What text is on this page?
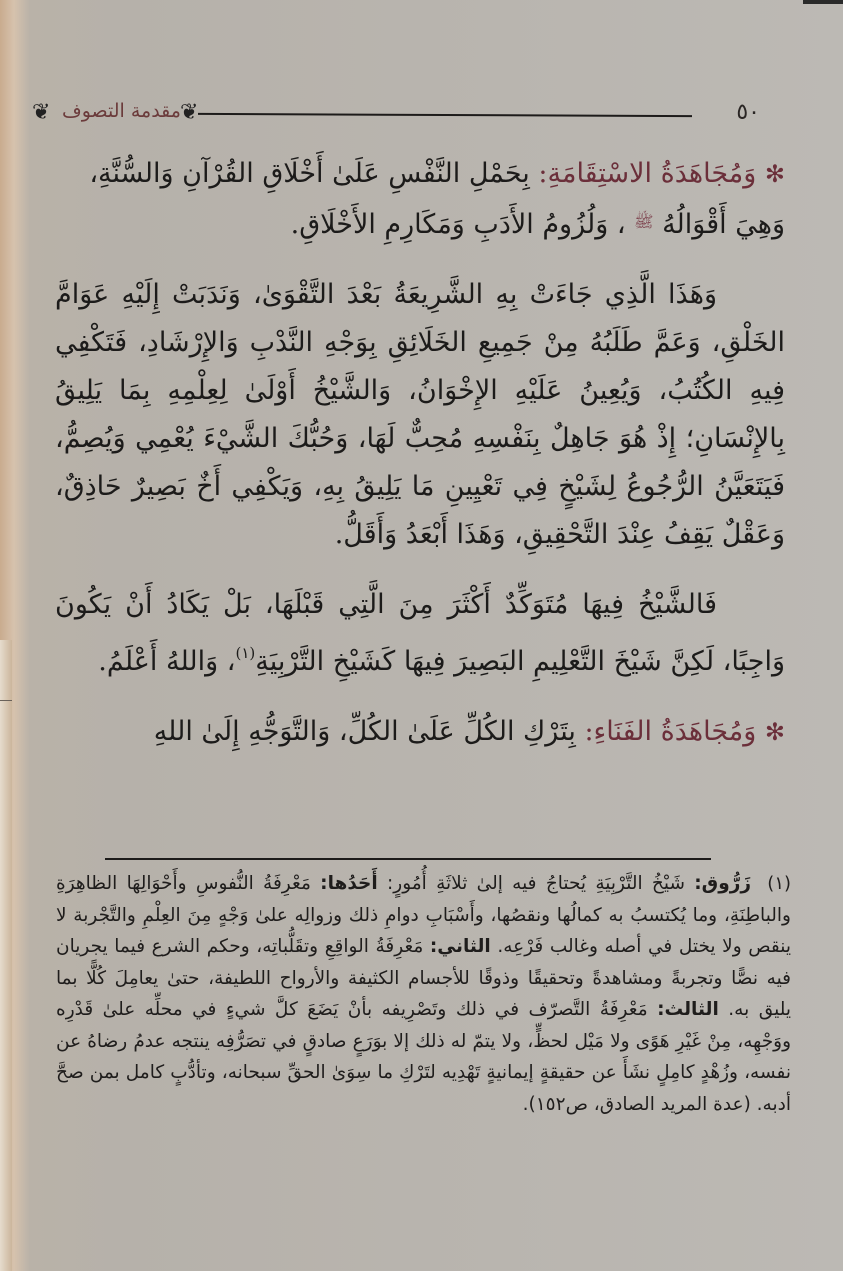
٥٠
❦
مقدمة التصوف
❦

✻ وَمُجَاهَدَةُ الاسْتِقَامَةِ: بِحَمْلِ النَّفْسِ عَلَىٰ أَخْلَاقِ القُرْآنِ وَالسُّنَّةِ،
وَهِيَ أَقْوَالُهُ $^ﷺ$ ، وَلُزُومُ الأَدَبِ وَمَكَارِمِ الأَخْلَاقِ.

وَهَذَا الَّذِي جَاءَتْ بِهِ الشَّرِيعَةُ بَعْدَ التَّقْوَىٰ، وَنَدَبَتْ إِلَيْهِ عَوَامَّ الخَلْقِ، وَعَمَّ طَلَبُهُ مِنْ جَمِيعِ الخَلَائِقِ بِوَجْهِ النَّدْبِ وَالإِرْشَادِ، فَتَكْفِي فِيهِ الكُتُبُ، وَيُعِينُ عَلَيْهِ الإِخْوَانُ، وَالشَّيْخُ أَوْلَىٰ لِعِلْمِهِ بِمَا يَلِيقُ بِالإِنْسَانِ؛ إِذْ هُوَ جَاهِلٌ بِنَفْسِهِ مُحِبٌّ لَهَا، وَحُبُّكَ الشَّيْءَ يُعْمِي وَيُصِمُّ، فَيَتَعَيَّنُ الرُّجُوعُ لِشَيْخٍ فِي تَعْيِينِ مَا يَلِيقُ بِهِ، وَيَكْفِي أَخٌ بَصِيرٌ حَاذِقٌ، وَعَقْلٌ يَقِفُ عِنْدَ التَّحْقِيقِ، وَهَذَا أَبْعَدُ وَأَقَلُّ.

فَالشَّيْخُ فِيهَا مُتَوَكِّدٌ أَكْثَرَ مِنَ الَّتِي قَبْلَهَا، بَلْ يَكَادُ أَنْ يَكُونَ وَاجِبًا، لَكِنَّ شَيْخَ التَّعْلِيمِ البَصِيرَ فِيهَا كَشَيْخِ التَّرْبِيَةِ$^{(١)}$، وَاللهُ أَعْلَمُ.

✻ وَمُجَاهَدَةُ الفَنَاءِ: بِتَرْكِ الكُلِّ عَلَىٰ الكُلِّ، وَالتَّوَجُّهِ إِلَىٰ اللهِ

(١)زَرُّوق: شَيْخُ التَّرْبِيَةِ يُحتاجُ فيه إلىٰ ثلاثَةِ أُمُورٍ: أَحَدُها: مَعْرِفَةُ النُّفوسِ وأَحْوَالِهَا الظاهِرَةِ والباطِنَةِ، وما يُكتسبُ به كمالُها ونقصُها، وأَسْبَابِ دوامِ ذلك وزوالِه علىٰ وَجْهٍ مِنَ العِلْمِ والتَّجْربة لا ينقص ولا يختل في أصله وغالب فَرْعِه. الثاني: مَعْرِفَةُ الواقِعِ وتقَلُّباتِه، وحكم الشرع فيما يجريان فيه نصًّا وتجربةً ومشاهدةً وتحقيقًا وذوقًا للأجسام الكثيفة والأرواح اللطيفة، حتىٰ يعامِلَ كُلًّا بما يليق به. الثالث: مَعْرِفَةُ التَّصرّف في ذلك وتَصْرِيفه بأنْ يَضَعَ كلَّ شيءٍ في محلِّه علىٰ قَدْرِه ووَجْهِه، مِنْ غَيْرِ هَوًى ولا مَيْل لحظٍّ، ولا يتمّ له ذلك إلا بوَرَعٍ صادقٍ في تصَرُّفِه ينتجه عدمُ رضاهُ عن نفسه، وزُهْدٍ كامِلٍ نشَأَ عن حقيقةٍ إيمانيةٍ تَهْدِيه لتَرْكِ ما سِوَىٰ الحقِّ سبحانه، وتأدُّبٍ كامل بمن صحَّ أدبه. (عدة المريد الصادق، ص١٥٢).
